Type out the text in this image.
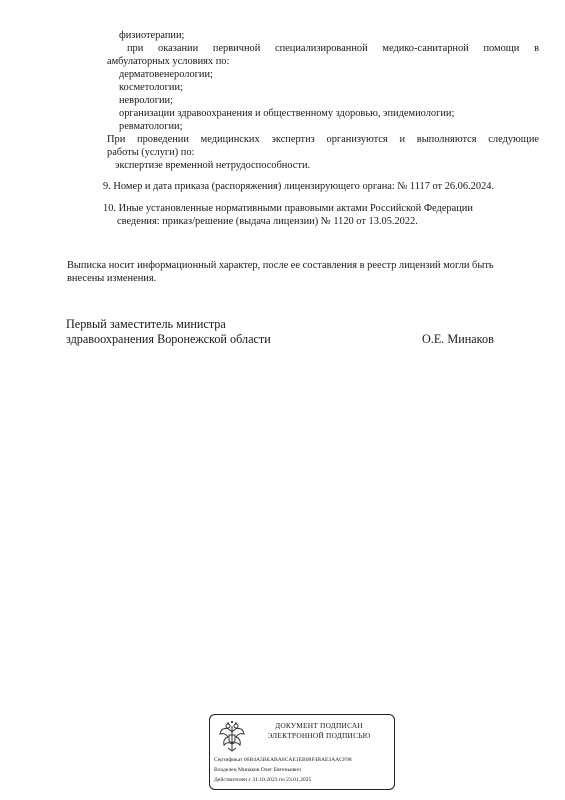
физиотерапии;
при оказании первичной специализированной медико-санитарной помощи в
амбулаторных условиях по:
дерматовенерологии;
косметологии;
неврологии;
организации здравоохранения и общественному здоровью, эпидемиологии;
ревматологии;
При проведении медицинских экспертиз организуются и выполняются следующие
работы (услуги) по:
экспертизе временной нетрудоспособности.
9. Номер и дата приказа (распоряжения) лицензирующего органа: № 1117 от 26.06.2024.
10. Иные установленные нормативными правовыми актами Российской Федерации
сведения: приказ/решение (выдача лицензии) № 1120 от 13.05.2022.
Выписка носит информационный характер, после ее составления в реестр лицензий могли быть
внесены изменения.
Первый заместитель министра
здравоохранения Воронежской области	О.Е. Минаков
ДОКУМЕНТ ПОДПИСАН
ЭЛЕКТРОННОЙ ПОДПИСЬЮ
Сертификат 66B4A5BEABA0CAE1EB08F4BAE3AACF98
Владелец Минаков Олег Евгеньевич
Действителен с 31.10.2023 по 23.01.2025
